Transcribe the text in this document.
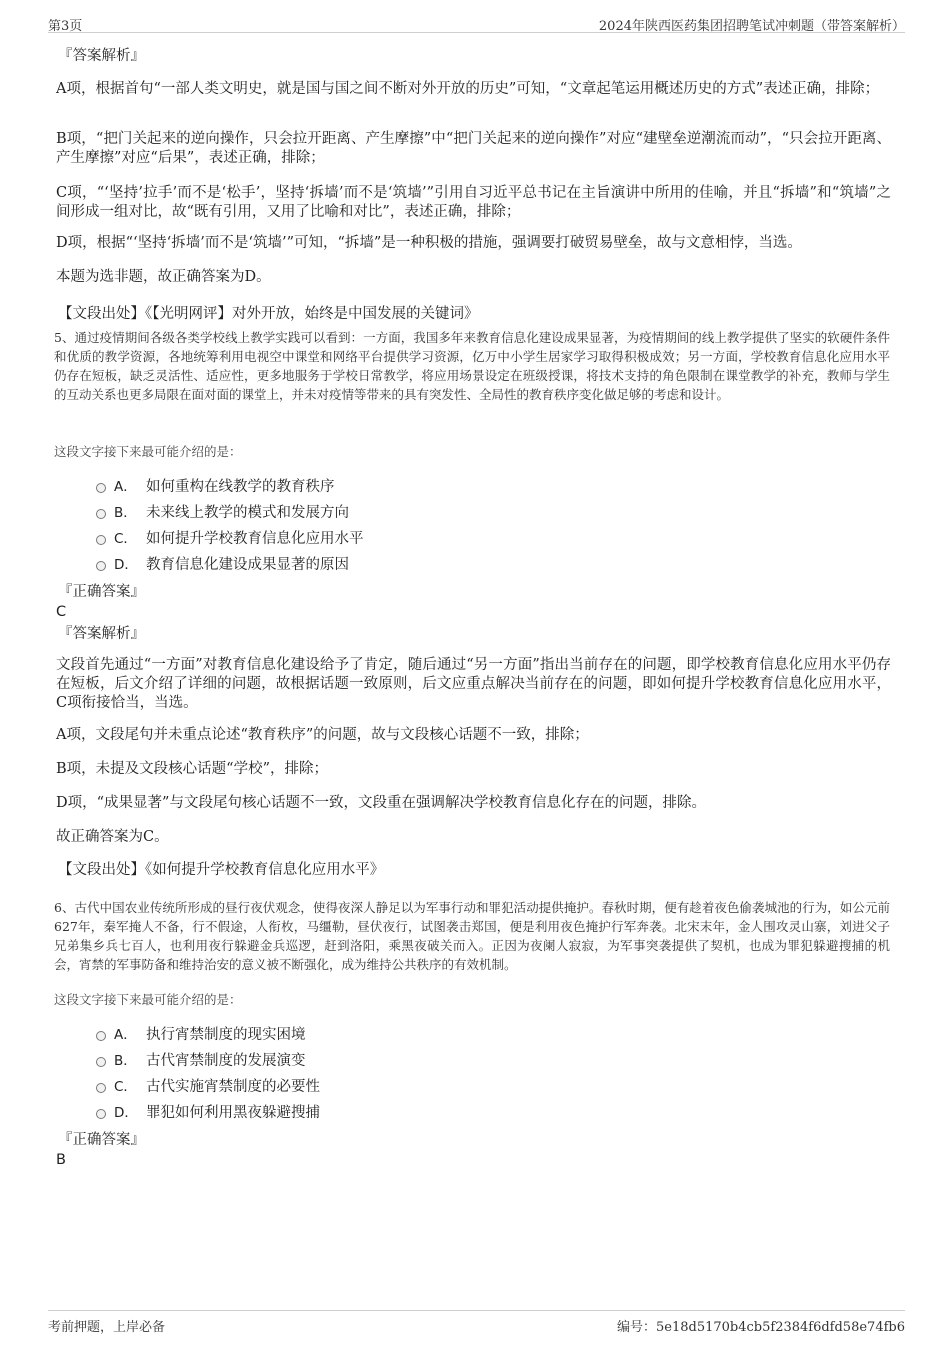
第3页	2024年陕西医药集团招聘笔试冲刺题（带答案解析）
『答案解析』
A项，根据首句“一部人类文明史，就是国与国之间不断对外开放的历史”可知，“文章起笔运用概述历史的方式”表述正确，排除；
B项，“把门关起来的逆向操作，只会拉开距离、产生摩擦”中“把门关起来的逆向操作”对应“建壁垒逆潮流而动”，“只会拉开距离、产生摩擦”对应“后果”，表述正确，排除；
C项，“‘坚持’拉手’而不是‘松手’，坚持‘拆墙’而不是‘筑墙’”引用自习近平总书记在主旨演讲中所用的佳喻，并且“拆墙”和“筑墙”之间形成一组对比，故“既有引用，又用了比喻和对比”，表述正确，排除；
D项，根据“‘坚持‘拆墙’而不是‘筑墙’”可知，“拆墙”是一种积极的措施，强调要打破贸易壁垒，故与文意相悖，当选。
本题为选非题，故正确答案为D。
【文段出处】《【光明网评】对外开放，始终是中国发展的关键词》
5、通过疫情期间各级各类学校线上教学实践可以看到：一方面，我国多年来教育信息化建设成果显著，为疫情期间的线上教学提供了坚实的软硬件条件和优质的教学资源，各地统筹利用电视空中课堂和网络平台提供学习资源，亿万中小学生居家学习取得积极成效；另一方面，学校教育信息化应用水平仍存在短板，缺乏灵活性、适应性，更多地服务于学校日常教学，将应用场景设定在班级授课，将技术支持的角色限制在课堂教学的补充，教师与学生的互动关系也更多局限在面对面的课堂上，并未对疫情等带来的具有突发性、全局性的教育秩序变化做足够的考虑和设计。
这段文字接下来最可能介绍的是：
A． 如何重构在线教学的教育秩序
B． 未来线上教学的模式和发展方向
C． 如何提升学校教育信息化应用水平
D． 教育信息化建设成果显著的原因
『正确答案』
C
『答案解析』
文段首先通过“一方面”对教育信息化建设给予了肯定，随后通过“另一方面”指出当前存在的问题，即学校教育信息化应用水平仍存在短板，后文介绍了详细的问题，故根据话题一致原则，后文应重点解决当前存在的问题，即如何提升学校教育信息化应用水平，C项衔接恰当，当选。
A项，文段尾句并未重点论述“教育秩序”的问题，故与文段核心话题不一致，排除；
B项，未提及文段核心话题“学校”，排除；
D项，“成果显著”与文段尾句核心话题不一致，文段重在强调解决学校教育信息化存在的问题，排除。
故正确答案为C。
【文段出处】《如何提升学校教育信息化应用水平》
6、古代中国农业传统所形成的昼行夜伏观念，使得夜深人静足以为军事行动和罪犯活动提供掩护。春秋时期，便有趁着夜色偷袭城池的行为，如公元前627年，秦军掩人不备，行不假途，人衔枚，马缰勒，昼伏夜行，试图袭击郑国，便是利用夜色掩护行军奔袭。北宋末年，金人围攻灵山寨，刘进父子兄弟集乡兵七百人，也利用夜行躲避金兵巡逻，赶到洛阳，乘黑夜破关而入。正因为夜阑人寂寂，为军事突袭提供了契机，也成为罪犯躲避搜捕的机会，宵禁的军事防备和维持治安的意义被不断强化，成为维持公共秩序的有效机制。
这段文字接下来最可能介绍的是：
A． 执行宵禁制度的现实困境
B． 古代宵禁制度的发展演变
C． 古代实施宵禁制度的必要性
D． 罪犯如何利用黑夜躲避搜捕
『正确答案』
B
考前押题，上岸必备	编号：5e18d5170b4cb5f2384f6dfd58e74fb6
